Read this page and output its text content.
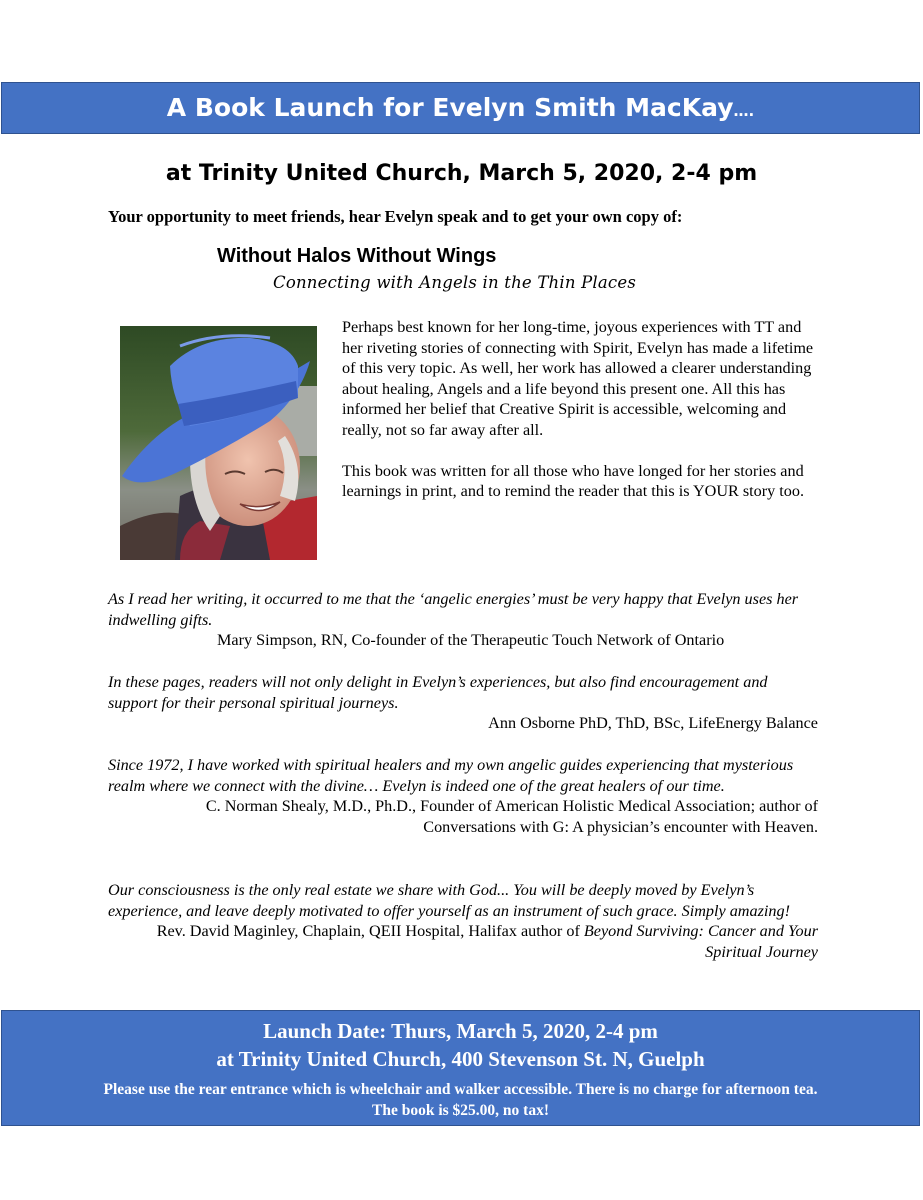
A Book Launch for Evelyn Smith MacKay….
at Trinity United Church, March 5, 2020, 2-4 pm
Your opportunity to meet friends, hear Evelyn speak and to get your own copy of:
Without Halos Without Wings
Connecting with Angels in the Thin Places

Perhaps best known for her long-time, joyous experiences with TT and her riveting stories of connecting with Spirit, Evelyn has made a lifetime of this very topic. As well, her work has allowed a clearer understanding about healing, Angels and a life beyond this present one. All this has informed her belief that Creative Spirit is accessible, welcoming and really, not so far away after all.

This book was written for all those who have longed for her stories and learnings in print, and to remind the reader that this is YOUR story too.

As I read her writing, it occurred to me that the ‘angelic energies’ must be very happy that Evelyn uses her indwelling gifts.
Mary Simpson, RN, Co-founder of the Therapeutic Touch Network of Ontario
In these pages, readers will not only delight in Evelyn’s experiences, but also find encouragement and support for their personal spiritual journeys.
Ann Osborne PhD, ThD, BSc, LifeEnergy Balance
Since 1972, I have worked with spiritual healers and my own angelic guides experiencing that mysterious realm where we connect with the divine… Evelyn is indeed one of the great healers of our time.
C. Norman Shealy, M.D., Ph.D., Founder of American Holistic Medical Association; author of
Conversations with G: A physician’s encounter with Heaven.
Our consciousness is the only real estate we share with God... You will be deeply moved by Evelyn’s experience, and leave deeply motivated to offer yourself as an instrument of such grace. Simply amazing!
Rev. David Maginley, Chaplain, QEII Hospital, Halifax author of Beyond Surviving: Cancer and Your Spiritual Journey
Launch Date: Thurs, March 5, 2020, 2-4 pm
at Trinity United Church, 400 Stevenson St. N, Guelph
Please use the rear entrance which is wheelchair and walker accessible. There is no charge for afternoon tea.
The book is $25.00, no tax!
